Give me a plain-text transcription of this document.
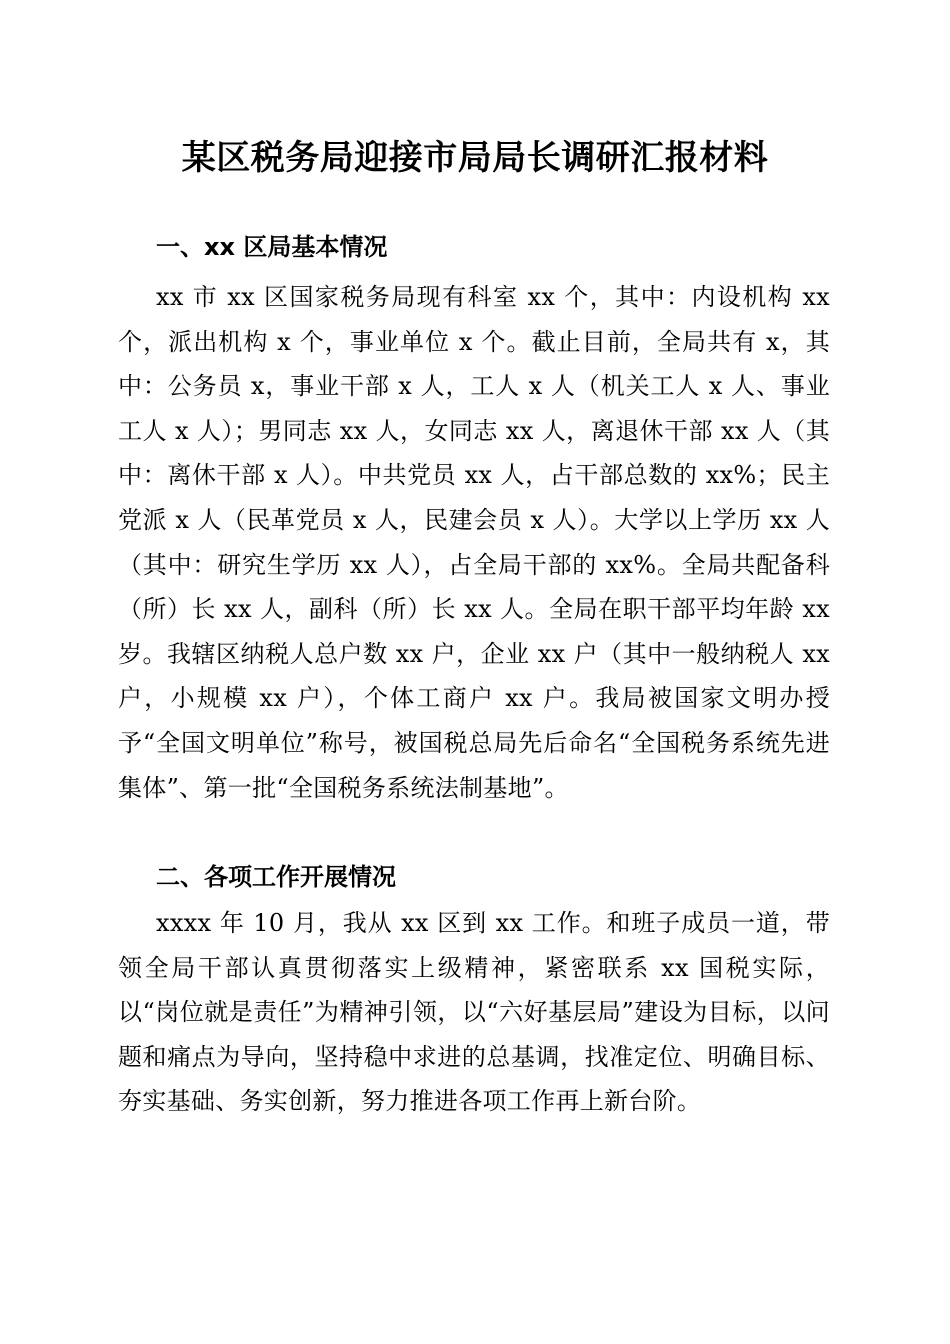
某区税务局迎接市局局长调研汇报材料
一、xx 区局基本情况

xx 市 xx 区国家税务局现有科室 xx 个，其中：内设机构 xx 个，派出机构 x 个，事业单位 x 个。截止目前，全局共有 x，其中：公务员 x，事业干部 x 人，工人 x 人（机关工人 x 人、事业工人 x 人）；男同志 xx 人，女同志 xx 人，离退休干部 xx 人（其中：离休干部 x 人）。中共党员 xx 人，占干部总数的 xx%；民主党派 x 人（民革党员 x 人，民建会员 x 人）。大学以上学历 xx 人（其中：研究生学历 xx 人），占全局干部的 xx%。全局共配备科（所）长 xx 人，副科（所）长 xx 人。全局在职干部平均年龄 xx 岁。我辖区纳税人总户数 xx 户，企业 xx 户（其中一般纳税人 xx 户，小规模 xx 户），个体工商户 xx 户。我局被国家文明办授予“全国文明单位”称号，被国税总局先后命名“全国税务系统先进集体”、第一批“全国税务系统法制基地”。

二、各项工作开展情况

xxxx 年 10 月，我从 xx 区到 xx 工作。和班子成员一道，带领全局干部认真贯彻落实上级精神，紧密联系 xx 国税实际，以“岗位就是责任”为精神引领，以“六好基层局”建设为目标，以问题和痛点为导向，坚持稳中求进的总基调，找准定位、明确目标、夯实基础、务实创新，努力推进各项工作再上新台阶。
